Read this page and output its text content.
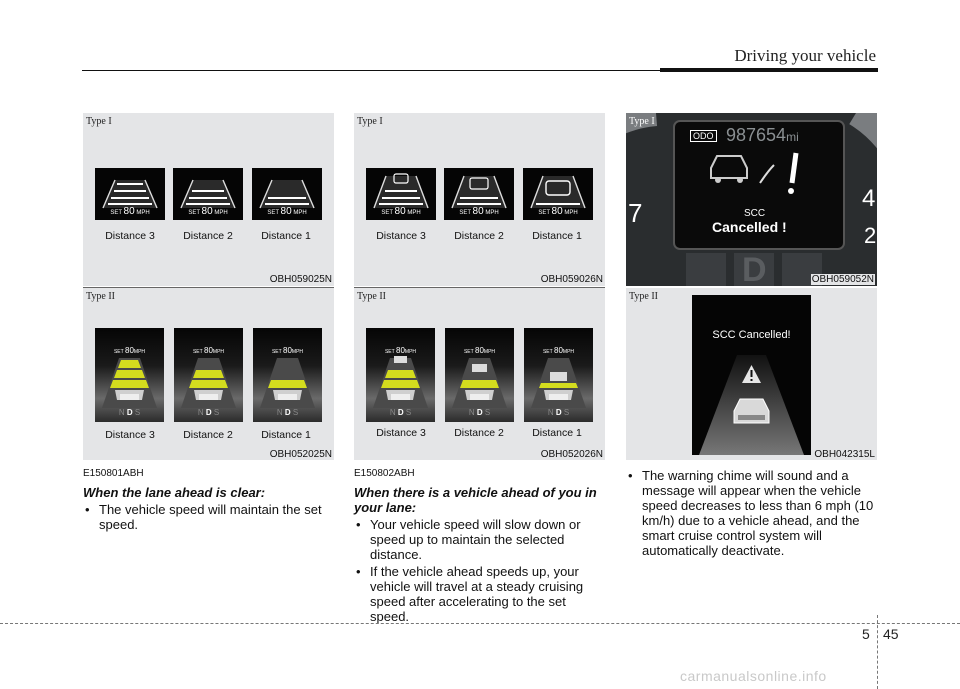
Driving your vehicle
Type I
SET 80 MPH	SET 80 MPH	SET 80 MPH
Distance 3	Distance 2	Distance 1
OBH059025N
Type II
SET 80MPH	SET 80MPH	SET 80MPH
N D S	N D S	N D S
Distance 3	Distance 2	Distance 1
OBH052025N
E150801ABH
When the lane ahead is clear:
• The vehicle speed will maintain the set speed.
Type I
SET 80 MPH	SET 80 MPH	SET 80 MPH
Distance 3	Distance 2	Distance 1
OBH059026N
Type II
SET 80MPH	SET 80MPH	SET 80MPH
N D S	N D S	N D S
Distance 3	Distance 2	Distance 1
OBH052026N
E150802ABH
When there is a vehicle ahead of you in your lane:
• Your vehicle speed will slow down or speed up to maintain the selected distance.
• If the vehicle ahead speeds up, your vehicle will travel at a steady cruising speed after accelerating to the set speed.
Type I
ODO 987654mi
SCC
Cancelled !
7	4
2
D	OBH059052N
Type II
SCC Cancelled!
OBH042315L
• The warning chime will sound and a message will appear when the vehicle speed decreases to less than 6 mph (10 km/h) due to a vehicle ahead, and the smart cruise control system will automatically deactivate.
5 45
carmanualsonline.info
